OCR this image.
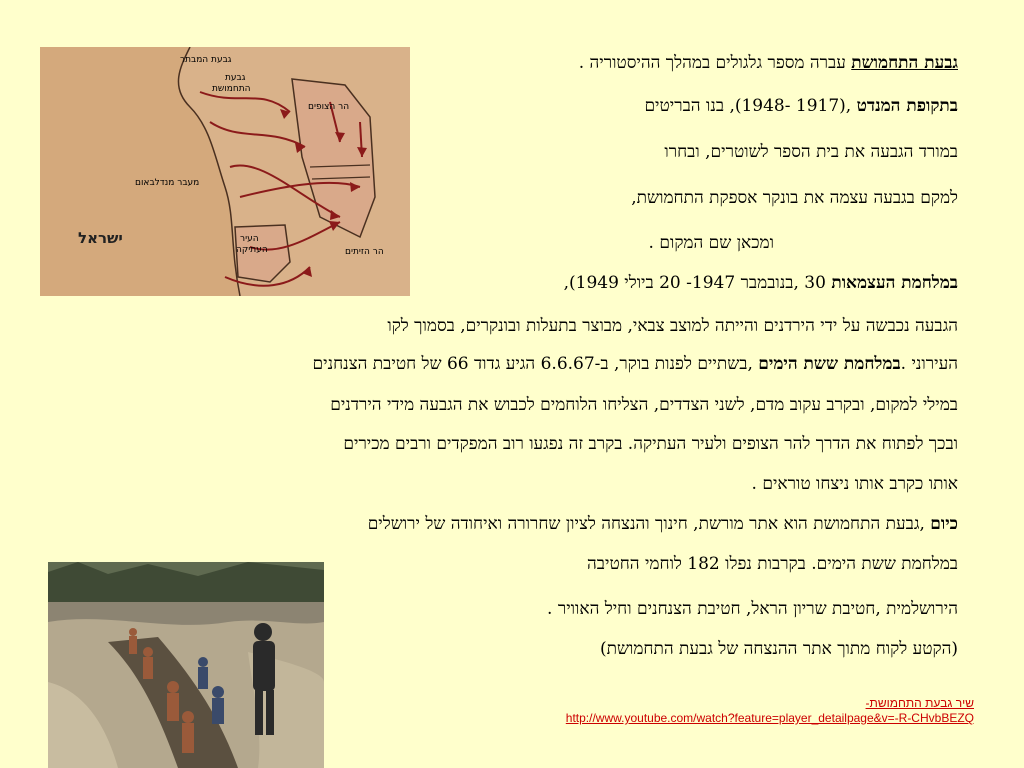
גבעת המבתר
גבעת
התחמושת
הר הצופים
מעבר מנדלבאום
ישראל	העיר
העתיקה	הר הזיתים
גבעת התחמושת עברה מספר גלגולים במהלך ההיסטוריה .
בתקופת המנדט ,(1917 -1948), בנו הבריטים
במורד הגבעה את בית הספר לשוטרים, ובחרו
למקם בגבעה עצמה את בונקר אספקת התחמושת,
ומכאן שם המקום .
במלחמת העצמאות 30 ,בנובמבר 1947- 20 ביולי 1949),
הגבעה נכבשה על ידי הירדנים והייתה למוצב צבאי, מבוצר בתעלות ובונקרים, בסמוך לקו
העירוני .במלחמת ששת הימים ,בשתיים לפנות בוקר, ב-6.6.67 הגיע גדוד 66 של חטיבת הצנחנים
במילי למקום, ובקרב עקוב מדם, לשני הצדדים, הצליחו הלוחמים לכבוש את הגבעה מידי הירדנים
ובכך לפתוח את הדרך להר הצופים ולעיר העתיקה. בקרב זה נפגעו רוב המפקדים ורבים מכירים
אותו כקרב אותו ניצחו טוראים .
כיום ,גבעת התחמושת הוא אתר מורשת, חינוך והנצחה לציון שחרורה ואיחודה של ירושלים
במלחמת ששת הימים. בקרבות נפלו 182 לוחמי החטיבה
הירושלמית ,חטיבת שריון הראל, חטיבת הצנחנים וחיל האוויר .
(הקטע לקוח מתוך אתר ההנצחה של גבעת התחמושת)
שיר גבעת התחמושת-
http://www.youtube.com/watch?feature=player_detailpage&v=-R-CHvbBEZQ
